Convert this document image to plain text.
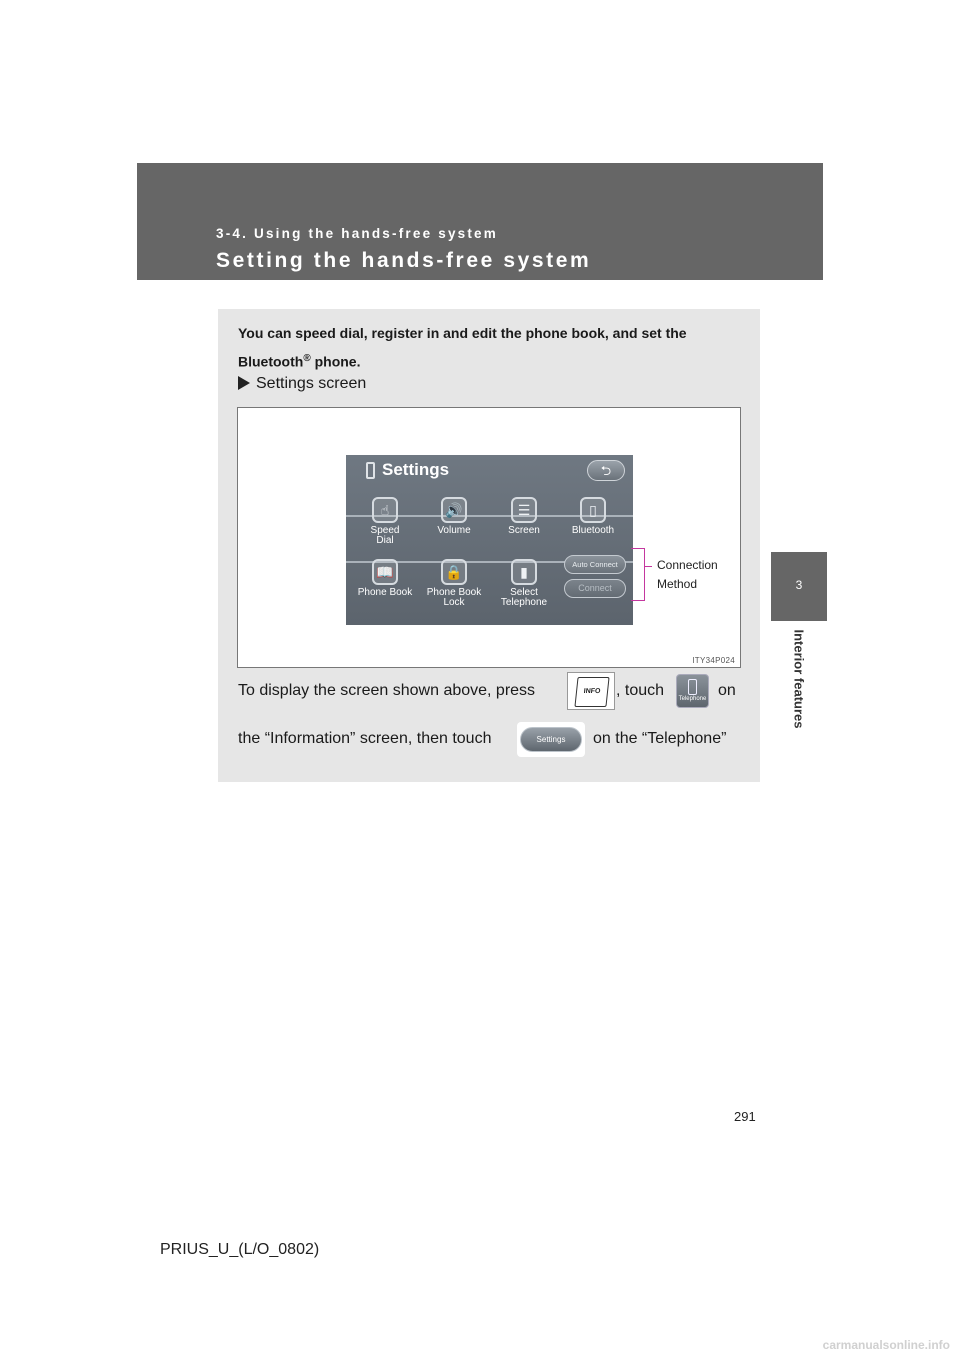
3-4. Using the hands-free system
Setting the hands-free system
3
Interior features
You can speed dial, register in and edit the phone book, and set the Bluetooth® phone.
Settings screen
Settings	⮌
☝
Speed
Dial
🔊
Volume
☰
Screen
▯
Bluetooth
📖
Phone Book
🔒
Phone Book
Lock
▮
Select
Telephone
Auto Connect
Connect
Connection
Method
ITY34P024
To display the screen shown above, press	, touch	on
INFO
Telephone
the “Information” screen, then touch	Settings	on the “Telephone”
291
PRIUS_U_(L/O_0802)
carmanualsonline.info
